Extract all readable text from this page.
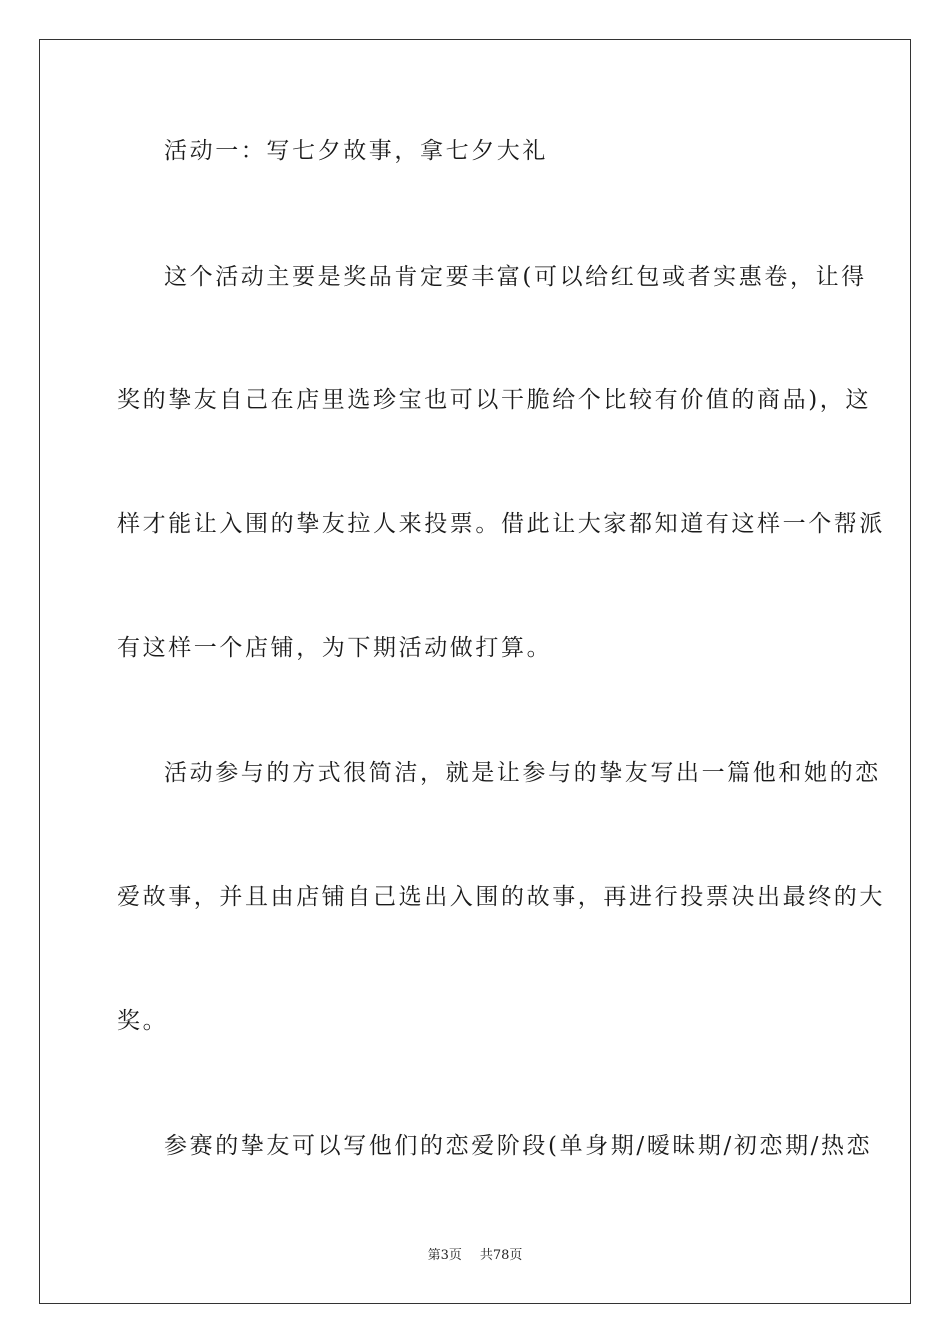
活动一：写七夕故事，拿七夕大礼
这个活动主要是奖品肯定要丰富(可以给红包或者实惠卷，让得
奖的挚友自己在店里选珍宝也可以干脆给个比较有价值的商品)，这
样才能让入围的挚友拉人来投票。借此让大家都知道有这样一个帮派
有这样一个店铺，为下期活动做打算。
活动参与的方式很简洁，就是让参与的挚友写出一篇他和她的恋
爱故事，并且由店铺自己选出入围的故事，再进行投票决出最终的大
奖。
参赛的挚友可以写他们的恋爱阶段(单身期/暧昧期/初恋期/热恋
第3页 共78页
